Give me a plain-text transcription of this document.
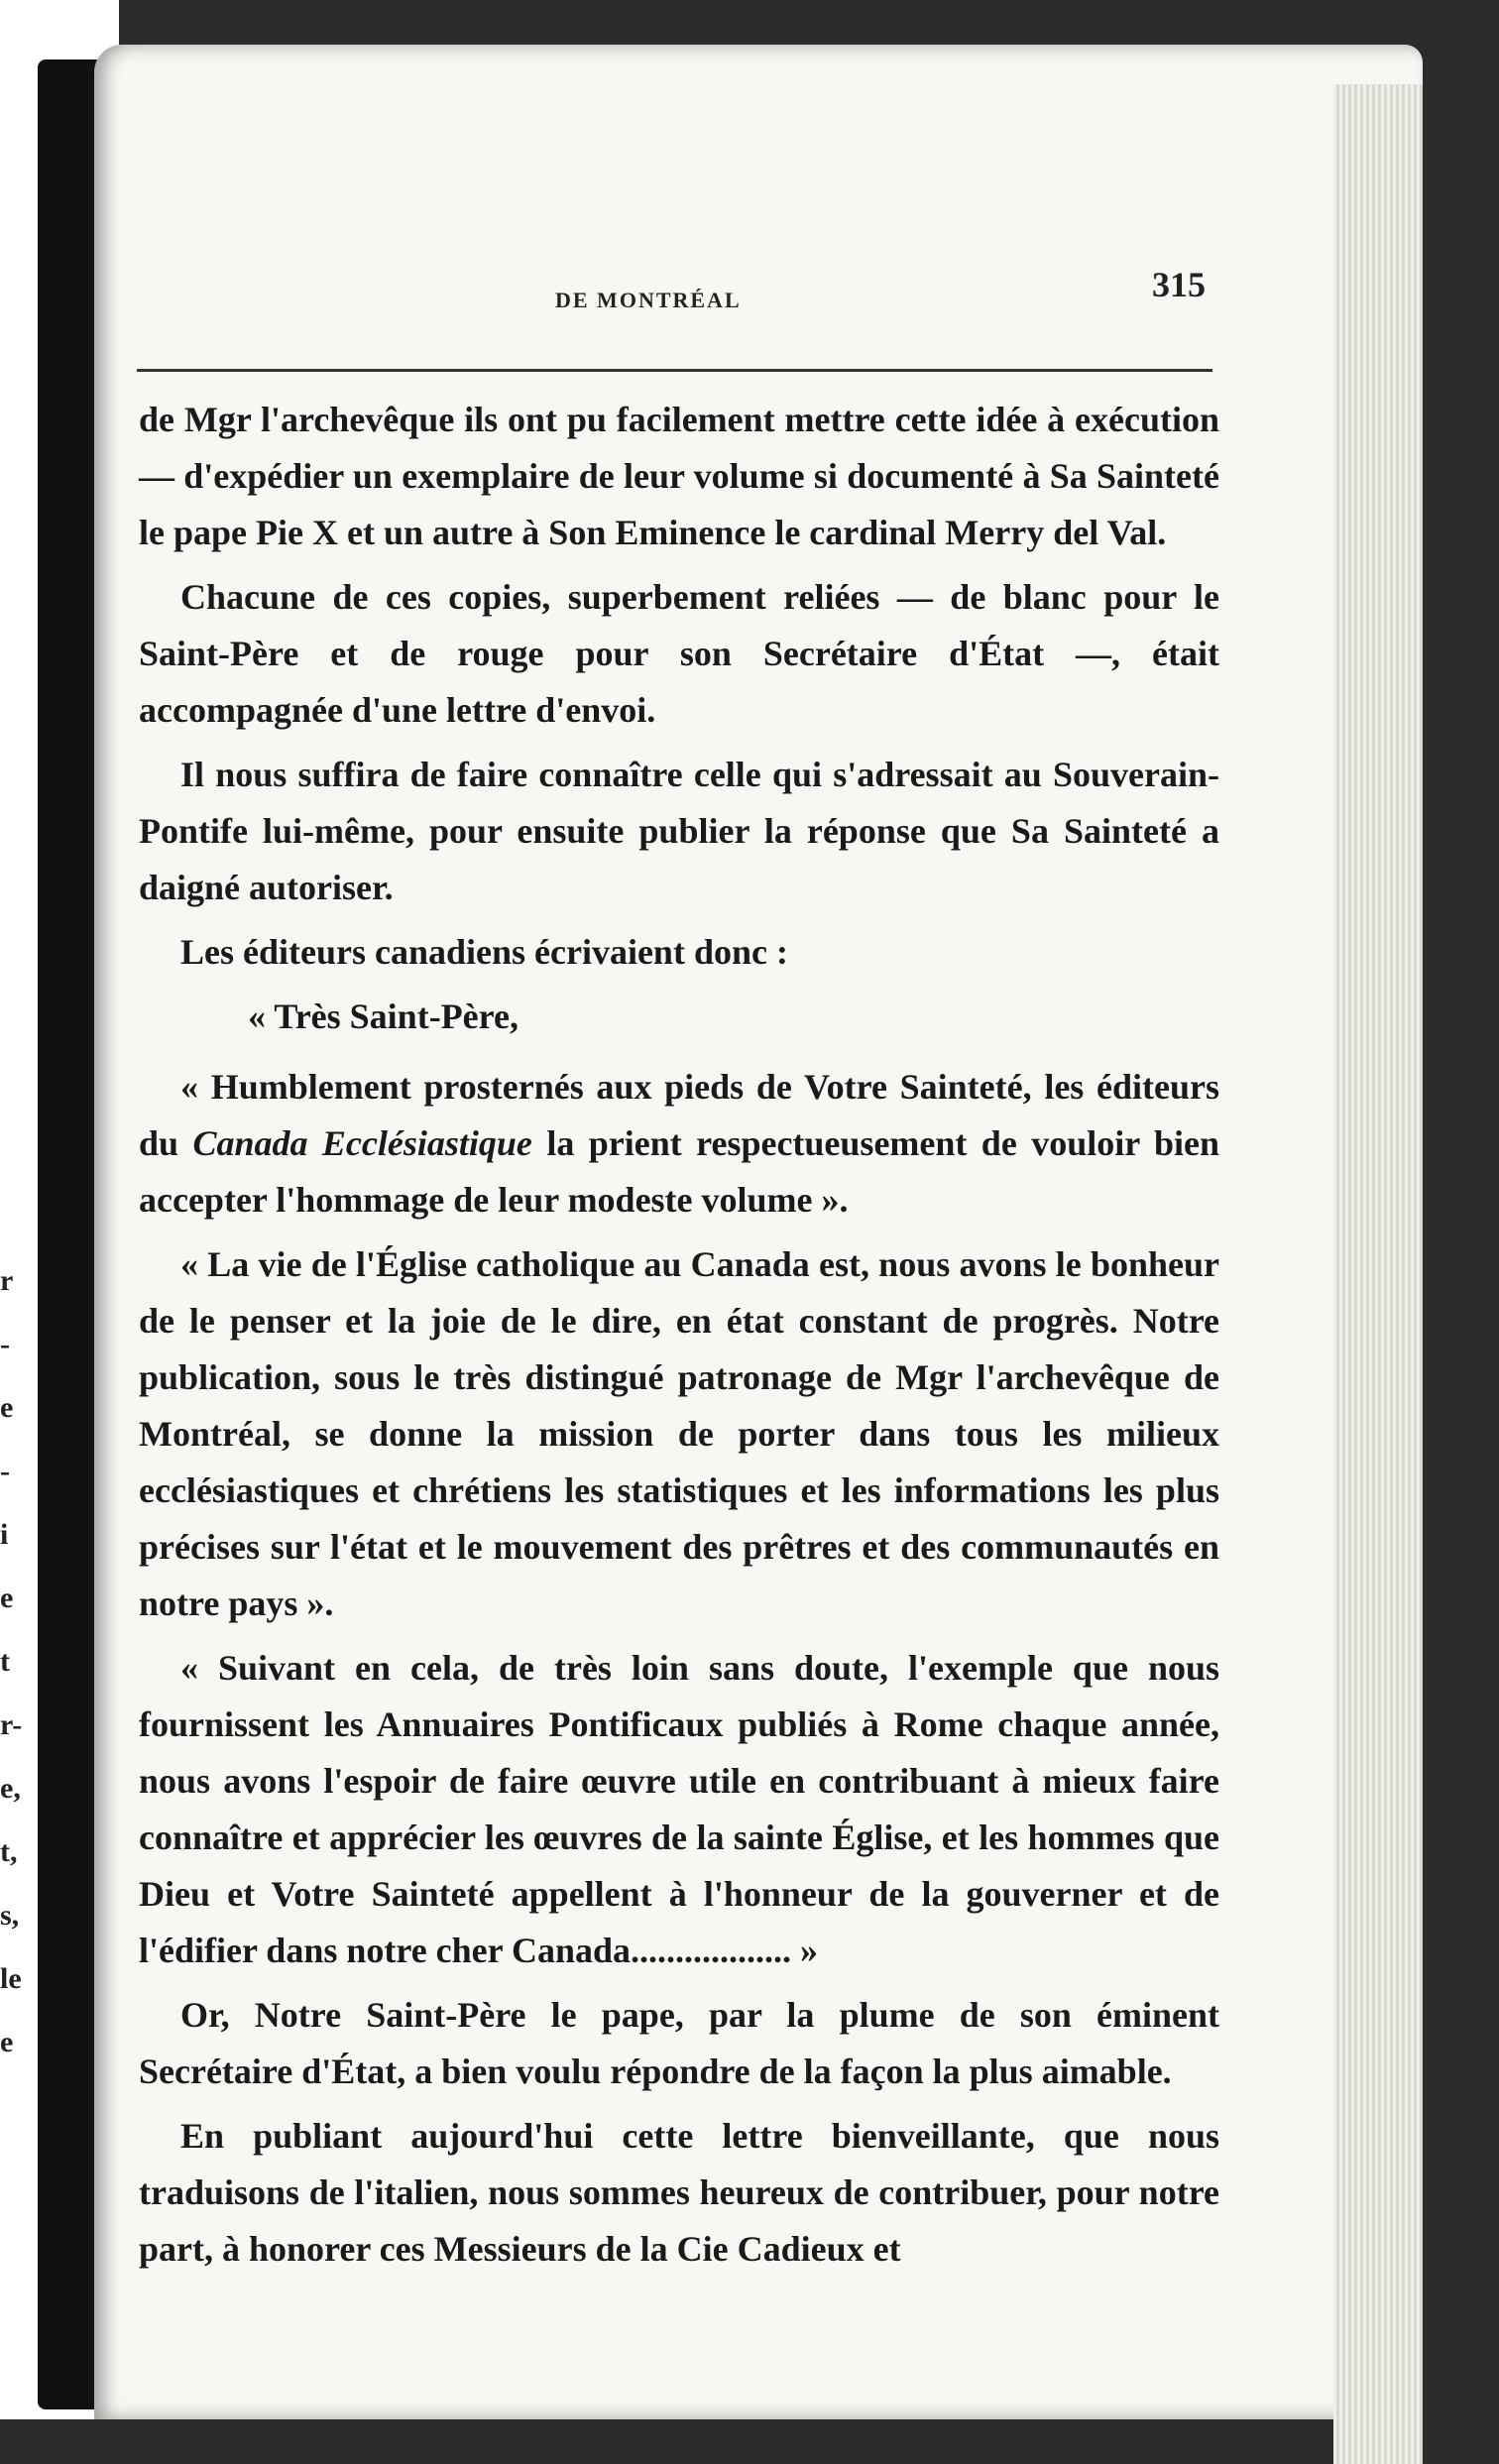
r
-
e
-
i
e
t
r-
e,
t,
s,
le
e
DE MONTRÉAL	315

de Mgr l'archevêque ils ont pu facilement mettre cette idée à exécution — d'expédier un exemplaire de leur volume si documenté à Sa Sainteté le pape Pie X et un autre à Son Eminence le cardinal Merry del Val.

Chacune de ces copies, superbement reliées — de blanc pour le Saint-Père et de rouge pour son Secrétaire d'État —, était accompagnée d'une lettre d'envoi.

Il nous suffira de faire connaître celle qui s'adressait au Souverain-Pontife lui-même, pour ensuite publier la réponse que Sa Sainteté a daigné autoriser.

Les éditeurs canadiens écrivaient donc :

« Très Saint-Père,

« Humblement prosternés aux pieds de Votre Sainteté, les éditeurs du Canada Ecclésiastique la prient respectueusement de vouloir bien accepter l'hommage de leur modeste volume ».

« La vie de l'Église catholique au Canada est, nous avons le bonheur de le penser et la joie de le dire, en état constant de progrès. Notre publication, sous le très distingué patronage de Mgr l'archevêque de Montréal, se donne la mission de porter dans tous les milieux ecclésiastiques et chrétiens les statistiques et les informations les plus précises sur l'état et le mouvement des prêtres et des communautés en notre pays ».

« Suivant en cela, de très loin sans doute, l'exemple que nous fournissent les Annuaires Pontificaux publiés à Rome chaque année, nous avons l'espoir de faire œuvre utile en contribuant à mieux faire connaître et apprécier les œuvres de la sainte Église, et les hommes que Dieu et Votre Sainteté appellent à l'honneur de la gouverner et de l'édifier dans notre cher Canada.................. »

Or, Notre Saint-Père le pape, par la plume de son éminent Secrétaire d'État, a bien voulu répondre de la façon la plus aimable.

En publiant aujourd'hui cette lettre bienveillante, que nous traduisons de l'italien, nous sommes heureux de contribuer, pour notre part, à honorer ces Messieurs de la Cie Cadieux et
